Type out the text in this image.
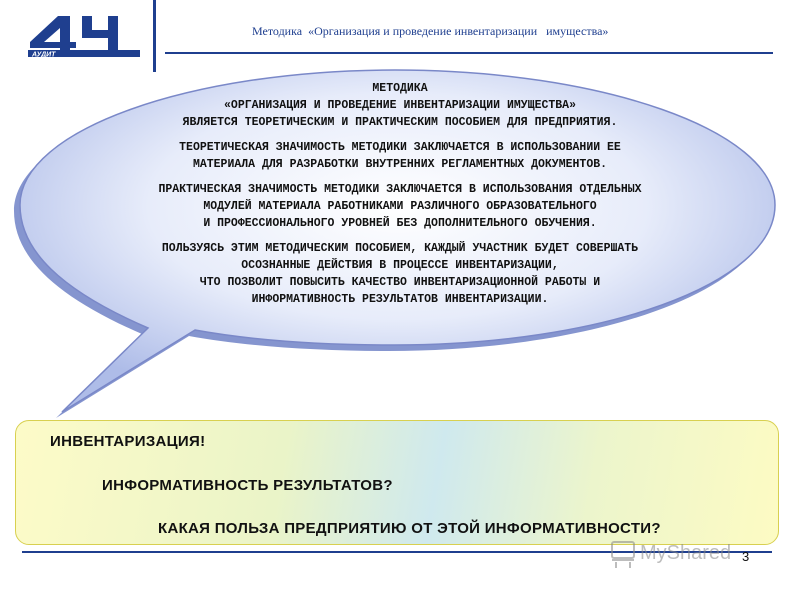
АУДИТ
Методика  «Организация и проведение инвентаризации   имущества»
МЕТОДИКА
«ОРГАНИЗАЦИЯ И ПРОВЕДЕНИЕ ИНВЕНТАРИЗАЦИИ ИМУЩЕСТВА»
ЯВЛЯЕТСЯ ТЕОРЕТИЧЕСКИМ И ПРАКТИЧЕСКИМ ПОСОБИЕМ ДЛЯ ПРЕДПРИЯТИЯ.
ТЕОРЕТИЧЕСКАЯ ЗНАЧИМОСТЬ МЕТОДИКИ ЗАКЛЮЧАЕТСЯ В ИСПОЛЬЗОВАНИИ ЕЕ
МАТЕРИАЛА ДЛЯ РАЗРАБОТКИ ВНУТРЕННИХ РЕГЛАМЕНТНЫХ ДОКУМЕНТОВ.
ПРАКТИЧЕСКАЯ ЗНАЧИМОСТЬ МЕТОДИКИ ЗАКЛЮЧАЕТСЯ В ИСПОЛЬЗОВАНИЯ ОТДЕЛЬНЫХ
МОДУЛЕЙ МАТЕРИАЛА РАБОТНИКАМИ РАЗЛИЧНОГО ОБРАЗОВАТЕЛЬНОГО
И ПРОФЕССИОНАЛЬНОГО УРОВНЕЙ БЕЗ ДОПОЛНИТЕЛЬНОГО ОБУЧЕНИЯ.
ПОЛЬЗУЯСЬ ЭТИМ МЕТОДИЧЕСКИМ ПОСОБИЕМ, КАЖДЫЙ УЧАСТНИК БУДЕТ СОВЕРШАТЬ
ОСОЗНАННЫЕ ДЕЙСТВИЯ В ПРОЦЕССЕ ИНВЕНТАРИЗАЦИИ,
ЧТО ПОЗВОЛИТ ПОВЫСИТЬ КАЧЕСТВО ИНВЕНТАРИЗАЦИОННОЙ РАБОТЫ И
ИНФОРМАТИВНОСТЬ РЕЗУЛЬТАТОВ ИНВЕНТАРИЗАЦИИ.
ИНВЕНТАРИЗАЦИЯ!
ИНФОРМАТИВНОСТЬ РЕЗУЛЬТАТОВ?
КАКАЯ ПОЛЬЗА ПРЕДПРИЯТИЮ ОТ ЭТОЙ ИНФОРМАТИВНОСТИ?
MyShared 3
